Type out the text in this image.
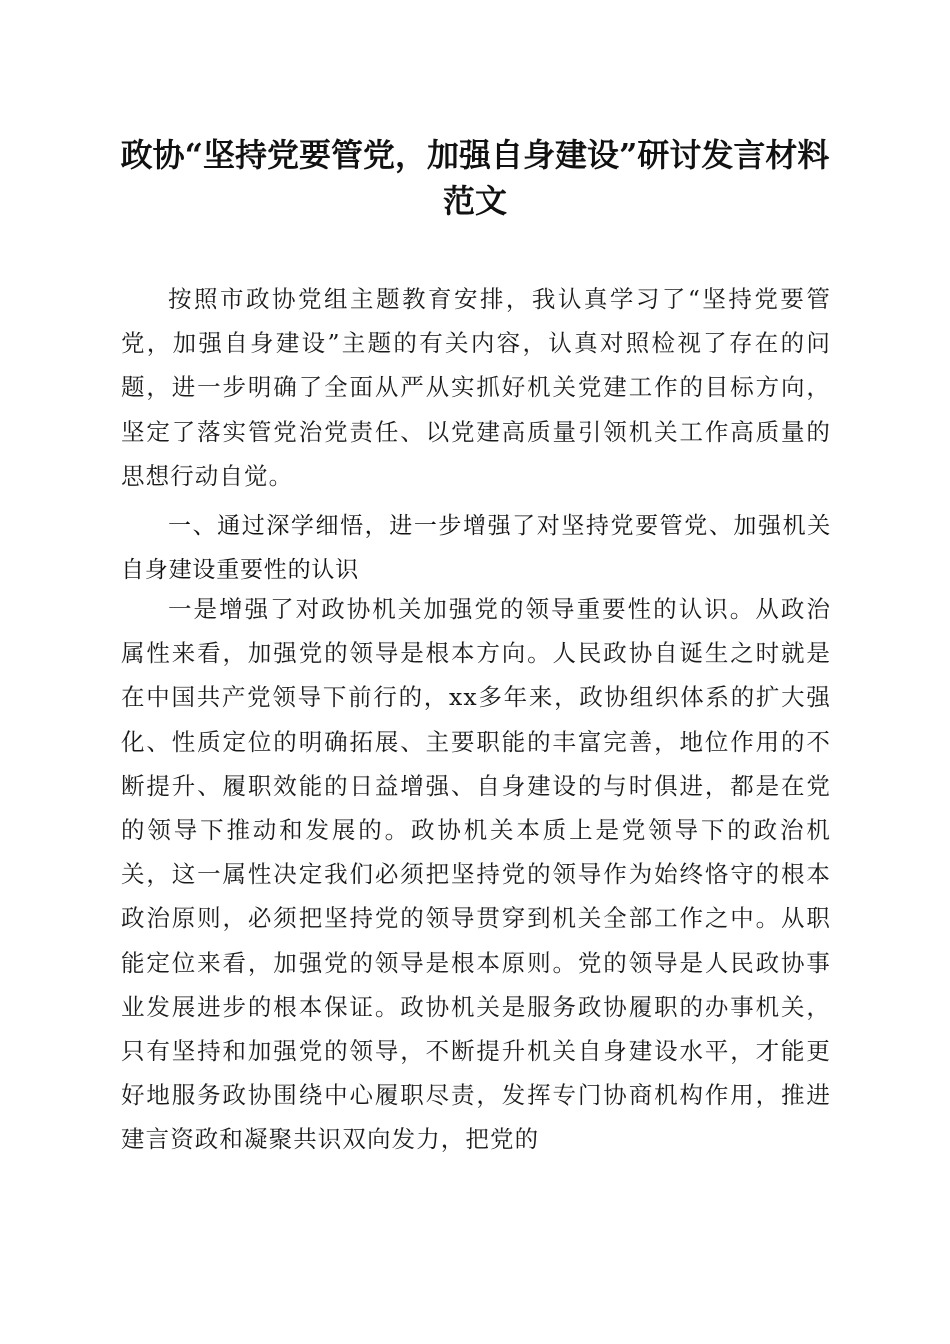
政协“坚持党要管党，加强自身建设”研讨发言材料范文

按照市政协党组主题教育安排，我认真学习了“坚持党要管党，加强自身建设”主题的有关内容，认真对照检视了存在的问题，进一步明确了全面从严从实抓好机关党建工作的目标方向，坚定了落实管党治党责任、以党建高质量引领机关工作高质量的思想行动自觉。

一、通过深学细悟，进一步增强了对坚持党要管党、加强机关自身建设重要性的认识

一是增强了对政协机关加强党的领导重要性的认识。从政治属性来看，加强党的领导是根本方向。人民政协自诞生之时就是在中国共产党领导下前行的，xx多年来，政协组织体系的扩大强化、性质定位的明确拓展、主要职能的丰富完善，地位作用的不断提升、履职效能的日益增强、自身建设的与时俱进，都是在党的领导下推动和发展的。政协机关本质上是党领导下的政治机关，这一属性决定我们必须把坚持党的领导作为始终恪守的根本政治原则，必须把坚持党的领导贯穿到机关全部工作之中。从职能定位来看，加强党的领导是根本原则。党的领导是人民政协事业发展进步的根本保证。政协机关是服务政协履职的办事机关，只有坚持和加强党的领导，不断提升机关自身建设水平，才能更好地服务政协围绕中心履职尽责，发挥专门协商机构作用，推进建言资政和凝聚共识双向发力，把党的
